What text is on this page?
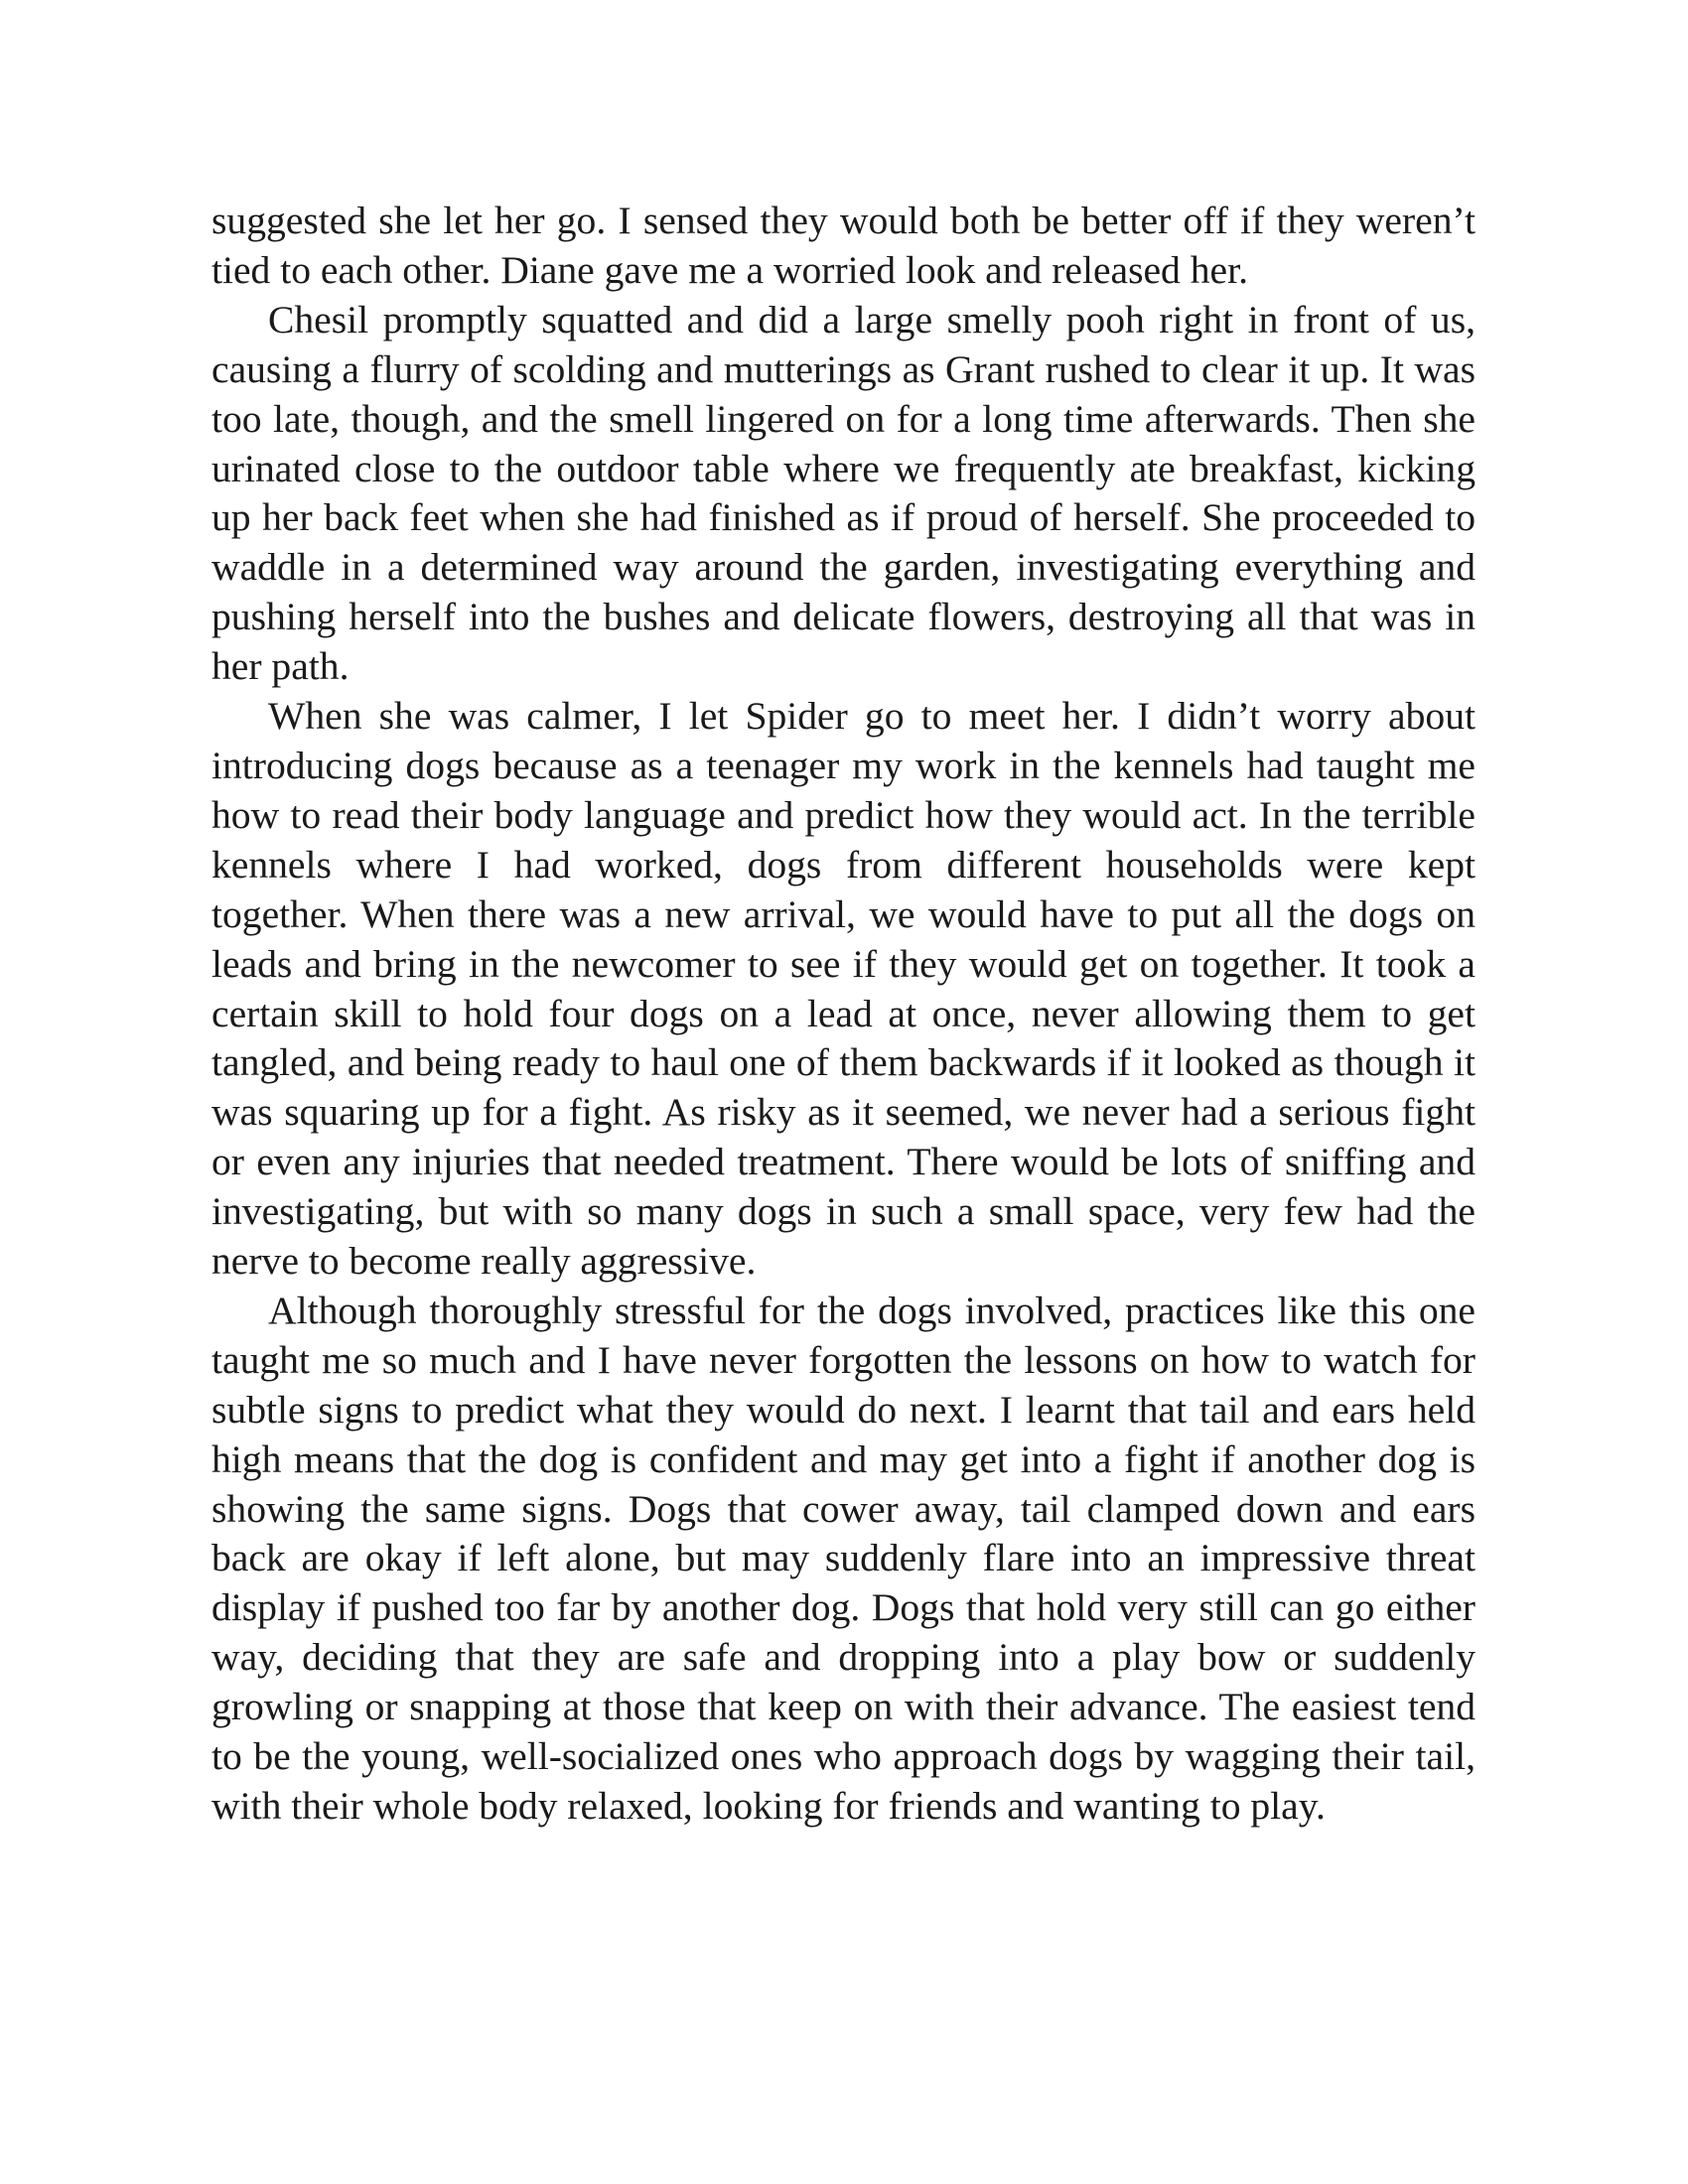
suggested she let her go. I sensed they would both be better off if they weren’t tied to each other. Diane gave me a worried look and released her.

Chesil promptly squatted and did a large smelly pooh right in front of us, causing a flurry of scolding and mutterings as Grant rushed to clear it up. It was too late, though, and the smell lingered on for a long time afterwards. Then she urinated close to the outdoor table where we frequently ate breakfast, kicking up her back feet when she had finished as if proud of herself. She proceeded to waddle in a determined way around the garden, investigating everything and pushing herself into the bushes and delicate flowers, destroying all that was in her path.

When she was calmer, I let Spider go to meet her. I didn’t worry about introducing dogs because as a teenager my work in the kennels had taught me how to read their body language and predict how they would act. In the terrible kennels where I had worked, dogs from different households were kept together. When there was a new arrival, we would have to put all the dogs on leads and bring in the newcomer to see if they would get on together. It took a certain skill to hold four dogs on a lead at once, never allowing them to get tangled, and being ready to haul one of them backwards if it looked as though it was squaring up for a fight. As risky as it seemed, we never had a serious fight or even any injuries that needed treatment. There would be lots of sniffing and investigating, but with so many dogs in such a small space, very few had the nerve to become really aggressive.

Although thoroughly stressful for the dogs involved, practices like this one taught me so much and I have never forgotten the lessons on how to watch for subtle signs to predict what they would do next. I learnt that tail and ears held high means that the dog is confident and may get into a fight if another dog is showing the same signs. Dogs that cower away, tail clamped down and ears back are okay if left alone, but may suddenly flare into an impressive threat display if pushed too far by another dog. Dogs that hold very still can go either way, deciding that they are safe and dropping into a play bow or suddenly growling or snapping at those that keep on with their advance. The easiest tend to be the young, well-socialized ones who approach dogs by wagging their tail, with their whole body relaxed, looking for friends and wanting to play.
